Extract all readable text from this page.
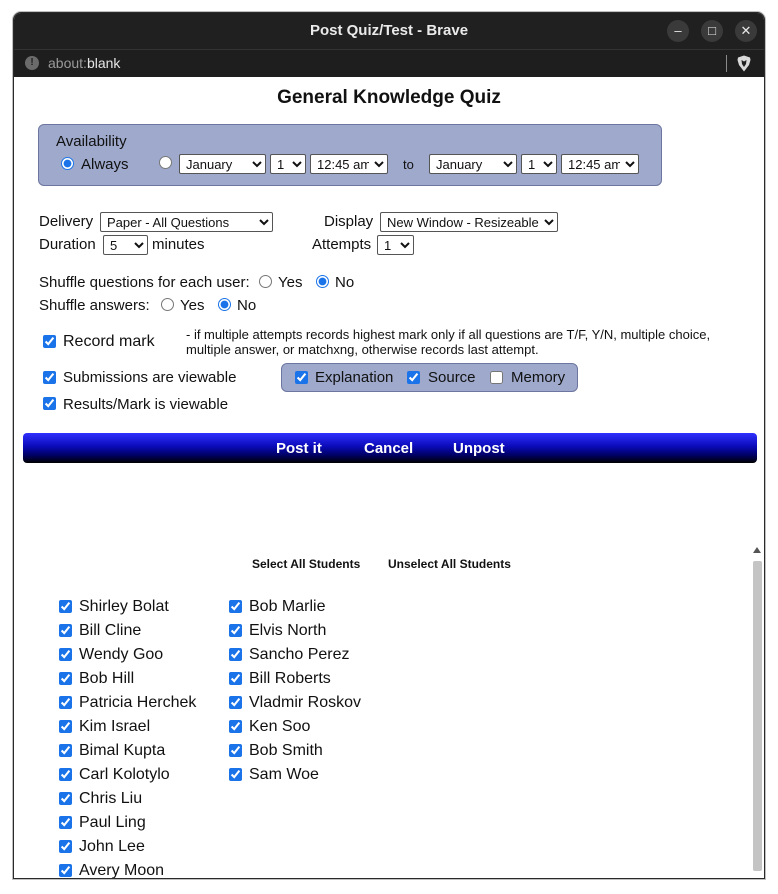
Post Quiz/Test - Brave	–	□	✕
!	about:blank
General Knowledge Quiz
Availability
Always
January
1
12:45 am	to
January
1
12:45 am
Delivery
Paper - All Questions	Display
New Window - Resizeable
Duration
5	minutes	Attempts
1
Shuffle questions for each user: Yes No
Shuffle answers: Yes No
Record mark - if multiple attempts records highest mark only if all questions are T/F, Y/N, multiple choice, multiple answer, or matchxng, otherwise records last attempt.
Submissions are viewable
Results/Mark is viewable
Explanation Source Memory
Post it	Cancel	Unpost
Select All Students Unselect All Students
Shirley Bolat
Bill Cline
Wendy Goo
Bob Hill
Patricia Herchek
Kim Israel
Bimal Kupta
Carl Kolotylo
Chris Liu
Paul Ling
John Lee
Avery Moon
Bob Marlie
Elvis North
Sancho Perez
Bill Roberts
Vladmir Roskov
Ken Soo
Bob Smith
Sam Woe
